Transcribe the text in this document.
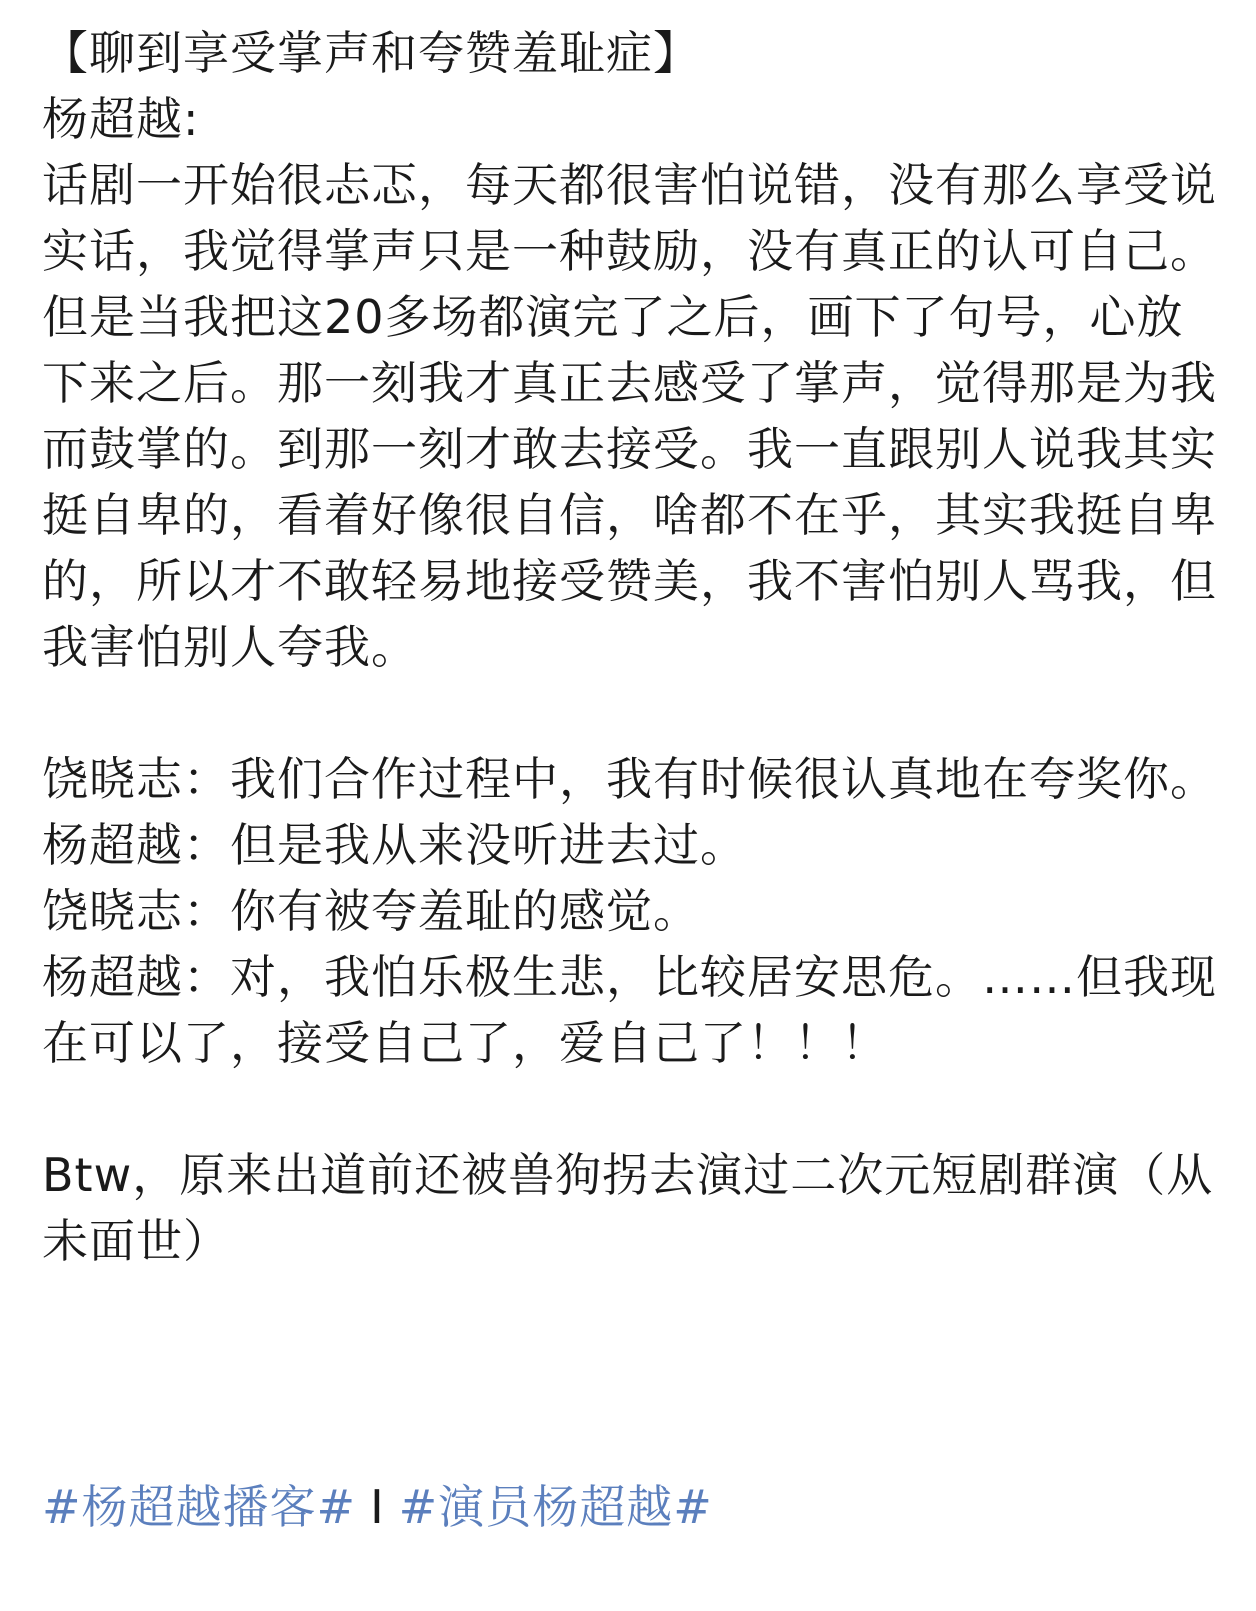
【聊到享受掌声和夸赞羞耻症】

杨超越:

话剧一开始很忐忑，每天都很害怕说错，没有那么享受说实话，我觉得掌声只是一种鼓励，没有真正的认可自己。

但是当我把这20多场都演完了之后，画下了句号，心放下来之后。那一刻我才真正去感受了掌声，觉得那是为我而鼓掌的。到那一刻才敢去接受。我一直跟别人说我其实挺自卑的，看着好像很自信，啥都不在乎，其实我挺自卑的，所以才不敢轻易地接受赞美，我不害怕别人骂我，但我害怕别人夸我。

饶晓志：我们合作过程中，我有时候很认真地在夸奖你。

杨超越：但是我从来没听进去过。

饶晓志：你有被夸羞耻的感觉。

杨超越：对，我怕乐极生悲，比较居安思危。……但我现在可以了，接受自己了，爱自己了！！！

Btw，原来出道前还被兽狗拐去演过二次元短剧群演（从未面世）

#杨超越播客# I #演员杨超越#
